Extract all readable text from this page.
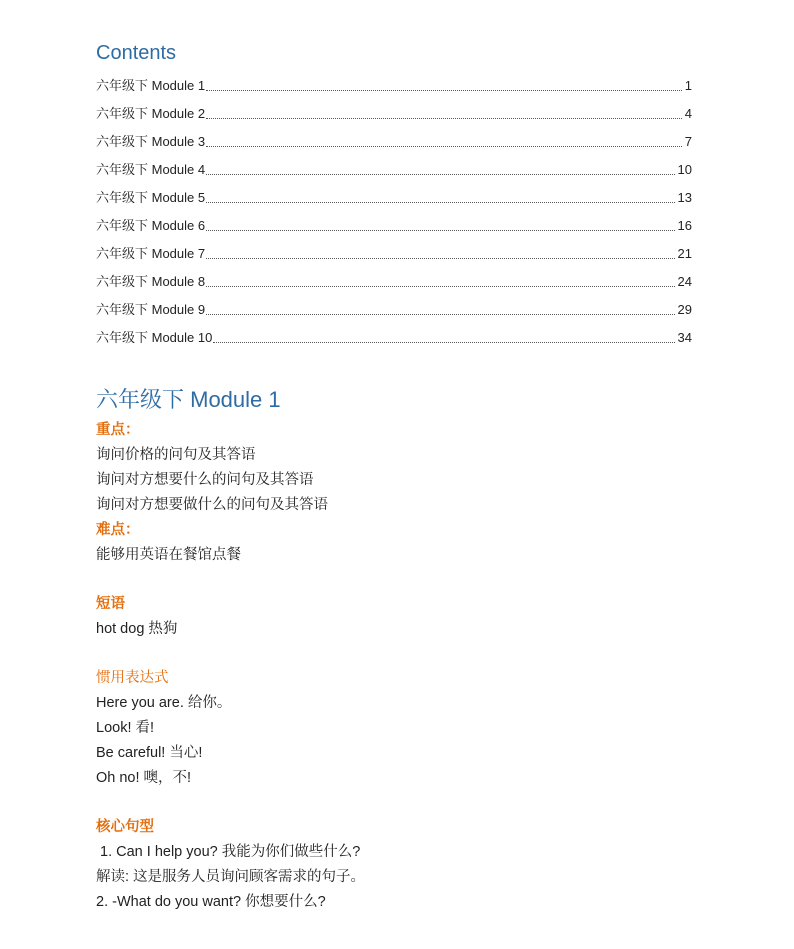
Contents
六年级下 Module 1	1
六年级下 Module 2	4
六年级下 Module 3	7
六年级下 Module 4	10
六年级下 Module 5	13
六年级下 Module 6	16
六年级下 Module 7	21
六年级下 Module 8	24
六年级下 Module 9	29
六年级下 Module 10	34
六年级下 Module 1
重点：
询问价格的问句及其答语
询问对方想要什么的问句及其答语
询问对方想要做什么的问句及其答语
难点：
能够用英语在餐馆点餐
短语
hot dog 热狗
惯用表达式
Here you are. 给你。
Look! 看!
Be careful! 当心!
Oh no! 噢，不!
核心句型
1. Can I help you? 我能为你们做些什么?
解读: 这是服务人员询问顾客需求的句子。
2. -What do you want? 你想要什么?
